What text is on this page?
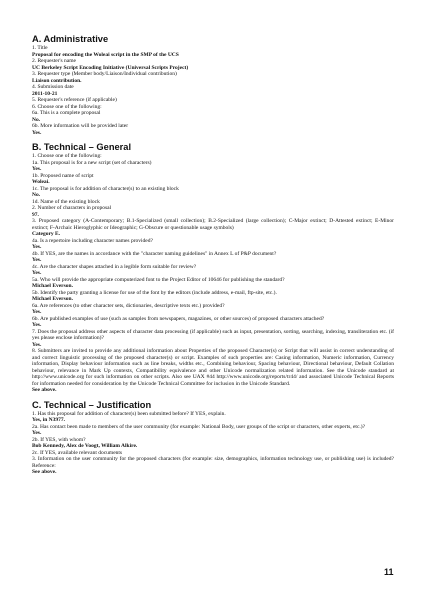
A. Administrative
1. Title
Proposal for encoding the Woleai script in the SMP of the UCS
2. Requester's name
UC Berkeley Script Encoding Initiative (Universal Scripts Project)
3. Requester type (Member body/Liaison/Individual contribution)
Liaison contribution.
4. Submission date
2011-10-21
5. Requester's reference (if applicable)
6. Choose one of the following:
6a. This is a complete proposal
No.
6b. More information will be provided later
Yes.
B. Technical – General
1. Choose one of the following:
1a. This proposal is for a new script (set of characters)
Yes.
1b. Proposed name of script
Woleai.
1c. The proposal is for addition of character(s) to an existing block
No.
1d. Name of the existing block
2. Number of characters in proposal
97.
3. Proposed category (A-Contemporary; B.1-Specialized (small collection); B.2-Specialized (large collection); C-Major extinct; D-Attested extinct; E-Minor extinct; F-Archaic Hieroglyphic or Ideographic; G-Obscure or questionable usage symbols)
Category E.
4a. Is a repertoire including character names provided?
Yes.
4b. If YES, are the names in accordance with the "character naming guidelines" in Annex L of P&P document?
Yes.
4c. Are the character shapes attached in a legible form suitable for review?
Yes.
5a. Who will provide the appropriate computerized font to the Project Editor of 10646 for publishing the standard?
Michael Everson.
5b. Identify the party granting a license for use of the font by the editors (include address, e-mail, ftp-site, etc.).
Michael Everson.
6a. Are references (to other character sets, dictionaries, descriptive texts etc.) provided?
Yes.
6b. Are published examples of use (such as samples from newspapers, magazines, or other sources) of proposed characters attached?
Yes.
7. Does the proposal address other aspects of character data processing (if applicable) such as input, presentation, sorting, searching, indexing, transliteration etc. (if yes please enclose information)?
Yes.
8. Submitters are invited to provide any additional information about Properties of the proposed Character(s) or Script that will assist in correct understanding of and correct linguistic processing of the proposed character(s) or script. Examples of such properties are: Casing information, Numeric information, Currency information, Display behaviour information such as line breaks, widths etc., Combining behaviour, Spacing behaviour, Directional behaviour, Default Collation behaviour, relevance in Mark Up contexts, Compatibility equivalence and other Unicode normalization related information. See the Unicode standard at http://www.unicode.org for such information on other scripts. Also see UAX #44 http://www.unicode.org/reports/tr44/ and associated Unicode Technical Reports for information needed for consideration by the Unicode Technical Committee for inclusion in the Unicode Standard.
See above.
C. Technical – Justification
1. Has this proposal for addition of character(s) been submitted before? If YES, explain.
Yes, in N3977.
2a. Has contact been made to members of the user community (for example: National Body, user groups of the script or characters, other experts, etc.)?
Yes.
2b. If YES, with whom?
Bob Kennedy, Alex de Voogt, William Alkire.
2c. If YES, available relevant documents
3. Information on the user community for the proposed characters (for example: size, demographics, information technology use, or publishing use) is included? Reference:
See above.
11
